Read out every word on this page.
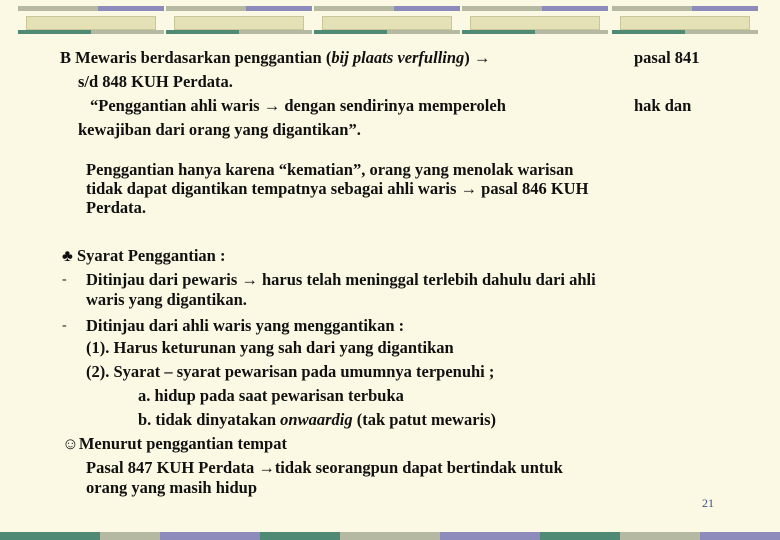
B Mewaris berdasarkan penggantian (bij plaats verfulling) →	pasal 841
s/d 848 KUH Perdata.
“Penggantian ahli waris → dengan sendirinya memperoleh	hak dan
kewajiban dari orang yang digantikan”.
Penggantian hanya karena “kematian”, orang yang menolak warisan
tidak dapat digantikan tempatnya sebagai ahli waris → pasal 846 KUH
Perdata.
♣ Syarat Penggantian :
- Ditinjau dari pewaris → harus telah meninggal terlebih dahulu dari ahli
waris yang digantikan.
- Ditinjau dari ahli waris yang menggantikan :
(1). Harus keturunan yang sah dari yang digantikan
(2). Syarat – syarat pewarisan pada umumnya terpenuhi ;
a. hidup pada saat pewarisan terbuka
b. tidak dinyatakan onwaardig (tak patut mewaris)
☺Menurut penggantian tempat
Pasal 847 KUH Perdata →tidak seorangpun dapat bertindak untuk
orang yang masih hidup
21
